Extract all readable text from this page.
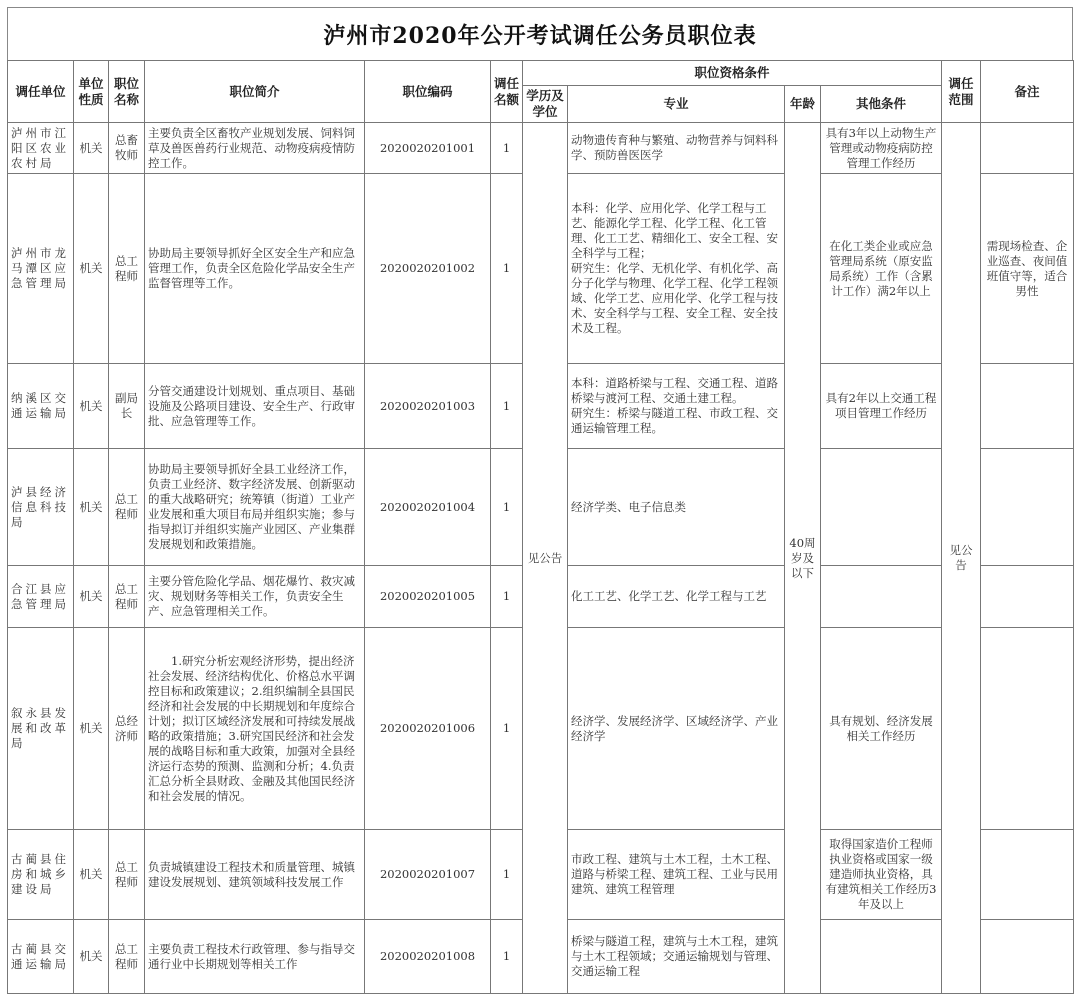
泸州市2020年公开考试调任公务员职位表
调任单位	单位性质	职位名称	职位简介	职位编码	调任名额	职位资格条件				调任范围	备注
						学历及学位	专业	年龄	其他条件		
泸州市江阳区农业农村局	机关	总畜牧师	主要负责全区畜牧产业规划发展、饲料饲草及兽医兽药行业规范、动物疫病疫情防控工作。	2020020201001	1	见公告	动物遗传育种与繁殖、动物营养与饲料科学、预防兽医医学	40周岁及以下	具有3年以上动物生产管理或动物疫病防控管理工作经历	见公告	
泸州市龙马潭区应急管理局	机关	总工程师	协助局主要领导抓好全区安全生产和应急管理工作，负责全区危险化学品安全生产监督管理等工作。	2020020201002	1		本科：化学、应用化学、化学工程与工艺、能源化学工程、化学工程、化工管理、化工工艺、精细化工、安全工程、安全科学与工程；
研究生：化学、无机化学、有机化学、高分子化学与物理、化学工程、化学工程领域、化学工艺、应用化学、化学工程与技术、安全科学与工程、安全工程、安全技术及工程。		在化工类企业或应急管理局系统（原安监局系统）工作（含累计工作）满2年以上		需现场检查、企业巡查、夜间值班值守等，适合男性
纳溪区交通运输局	机关	副局长	分管交通建设计划规划、重点项目、基础设施及公路项目建设、安全生产、行政审批、应急管理等工作。	2020020201003	1		本科：道路桥梁与工程、交通工程、道路桥梁与渡河工程、交通土建工程。
研究生：桥梁与隧道工程、市政工程、交通运输管理工程。		具有2年以上交通工程项目管理工作经历		
泸县经济信息科技局	机关	总工程师	协助局主要领导抓好全县工业经济工作，负责工业经济、数字经济发展、创新驱动的重大战略研究；统筹镇（街道）工业产业发展和重大项目布局并组织实施；参与指导拟订并组织实施产业园区、产业集群发展规划和政策措施。	2020020201004	1		经济学类、电子信息类				
合江县应急管理局	机关	总工程师	主要分管危险化学品、烟花爆竹、救灾减灾、规划财务等相关工作，负责安全生产、应急管理相关工作。	2020020201005	1		化工工艺、化学工艺、化学工程与工艺				
叙永县发展和改革局	机关	总经济师	　　1.研究分析宏观经济形势，提出经济社会发展、经济结构优化、价格总水平调控目标和政策建议；2.组织编制全县国民经济和社会发展的中长期规划和年度综合计划；拟订区域经济发展和可持续发展战略的政策措施；3.研究国民经济和社会发展的战略目标和重大政策，加强对全县经济运行态势的预测、监测和分析；4.负责汇总分析全县财政、金融及其他国民经济和社会发展的情况。	2020020201006	1		经济学、发展经济学、区域经济学、产业经济学		具有规划、经济发展相关工作经历		
古蔺县住房和城乡建设局	机关	总工程师	负责城镇建设工程技术和质量管理、城镇建设发展规划、建筑领域科技发展工作	2020020201007	1		市政工程、建筑与土木工程，土木工程、道路与桥梁工程、建筑工程、工业与民用建筑、建筑工程管理		取得国家造价工程师执业资格或国家一级建造师执业资格，具有建筑相关工作经历3年及以上		
古蔺县交通运输局	机关	总工程师	主要负责工程技术行政管理、参与指导交通行业中长期规划等相关工作	2020020201008	1		桥梁与隧道工程，建筑与土木工程，建筑与土木工程领域；交通运输规划与管理、交通运输工程				
